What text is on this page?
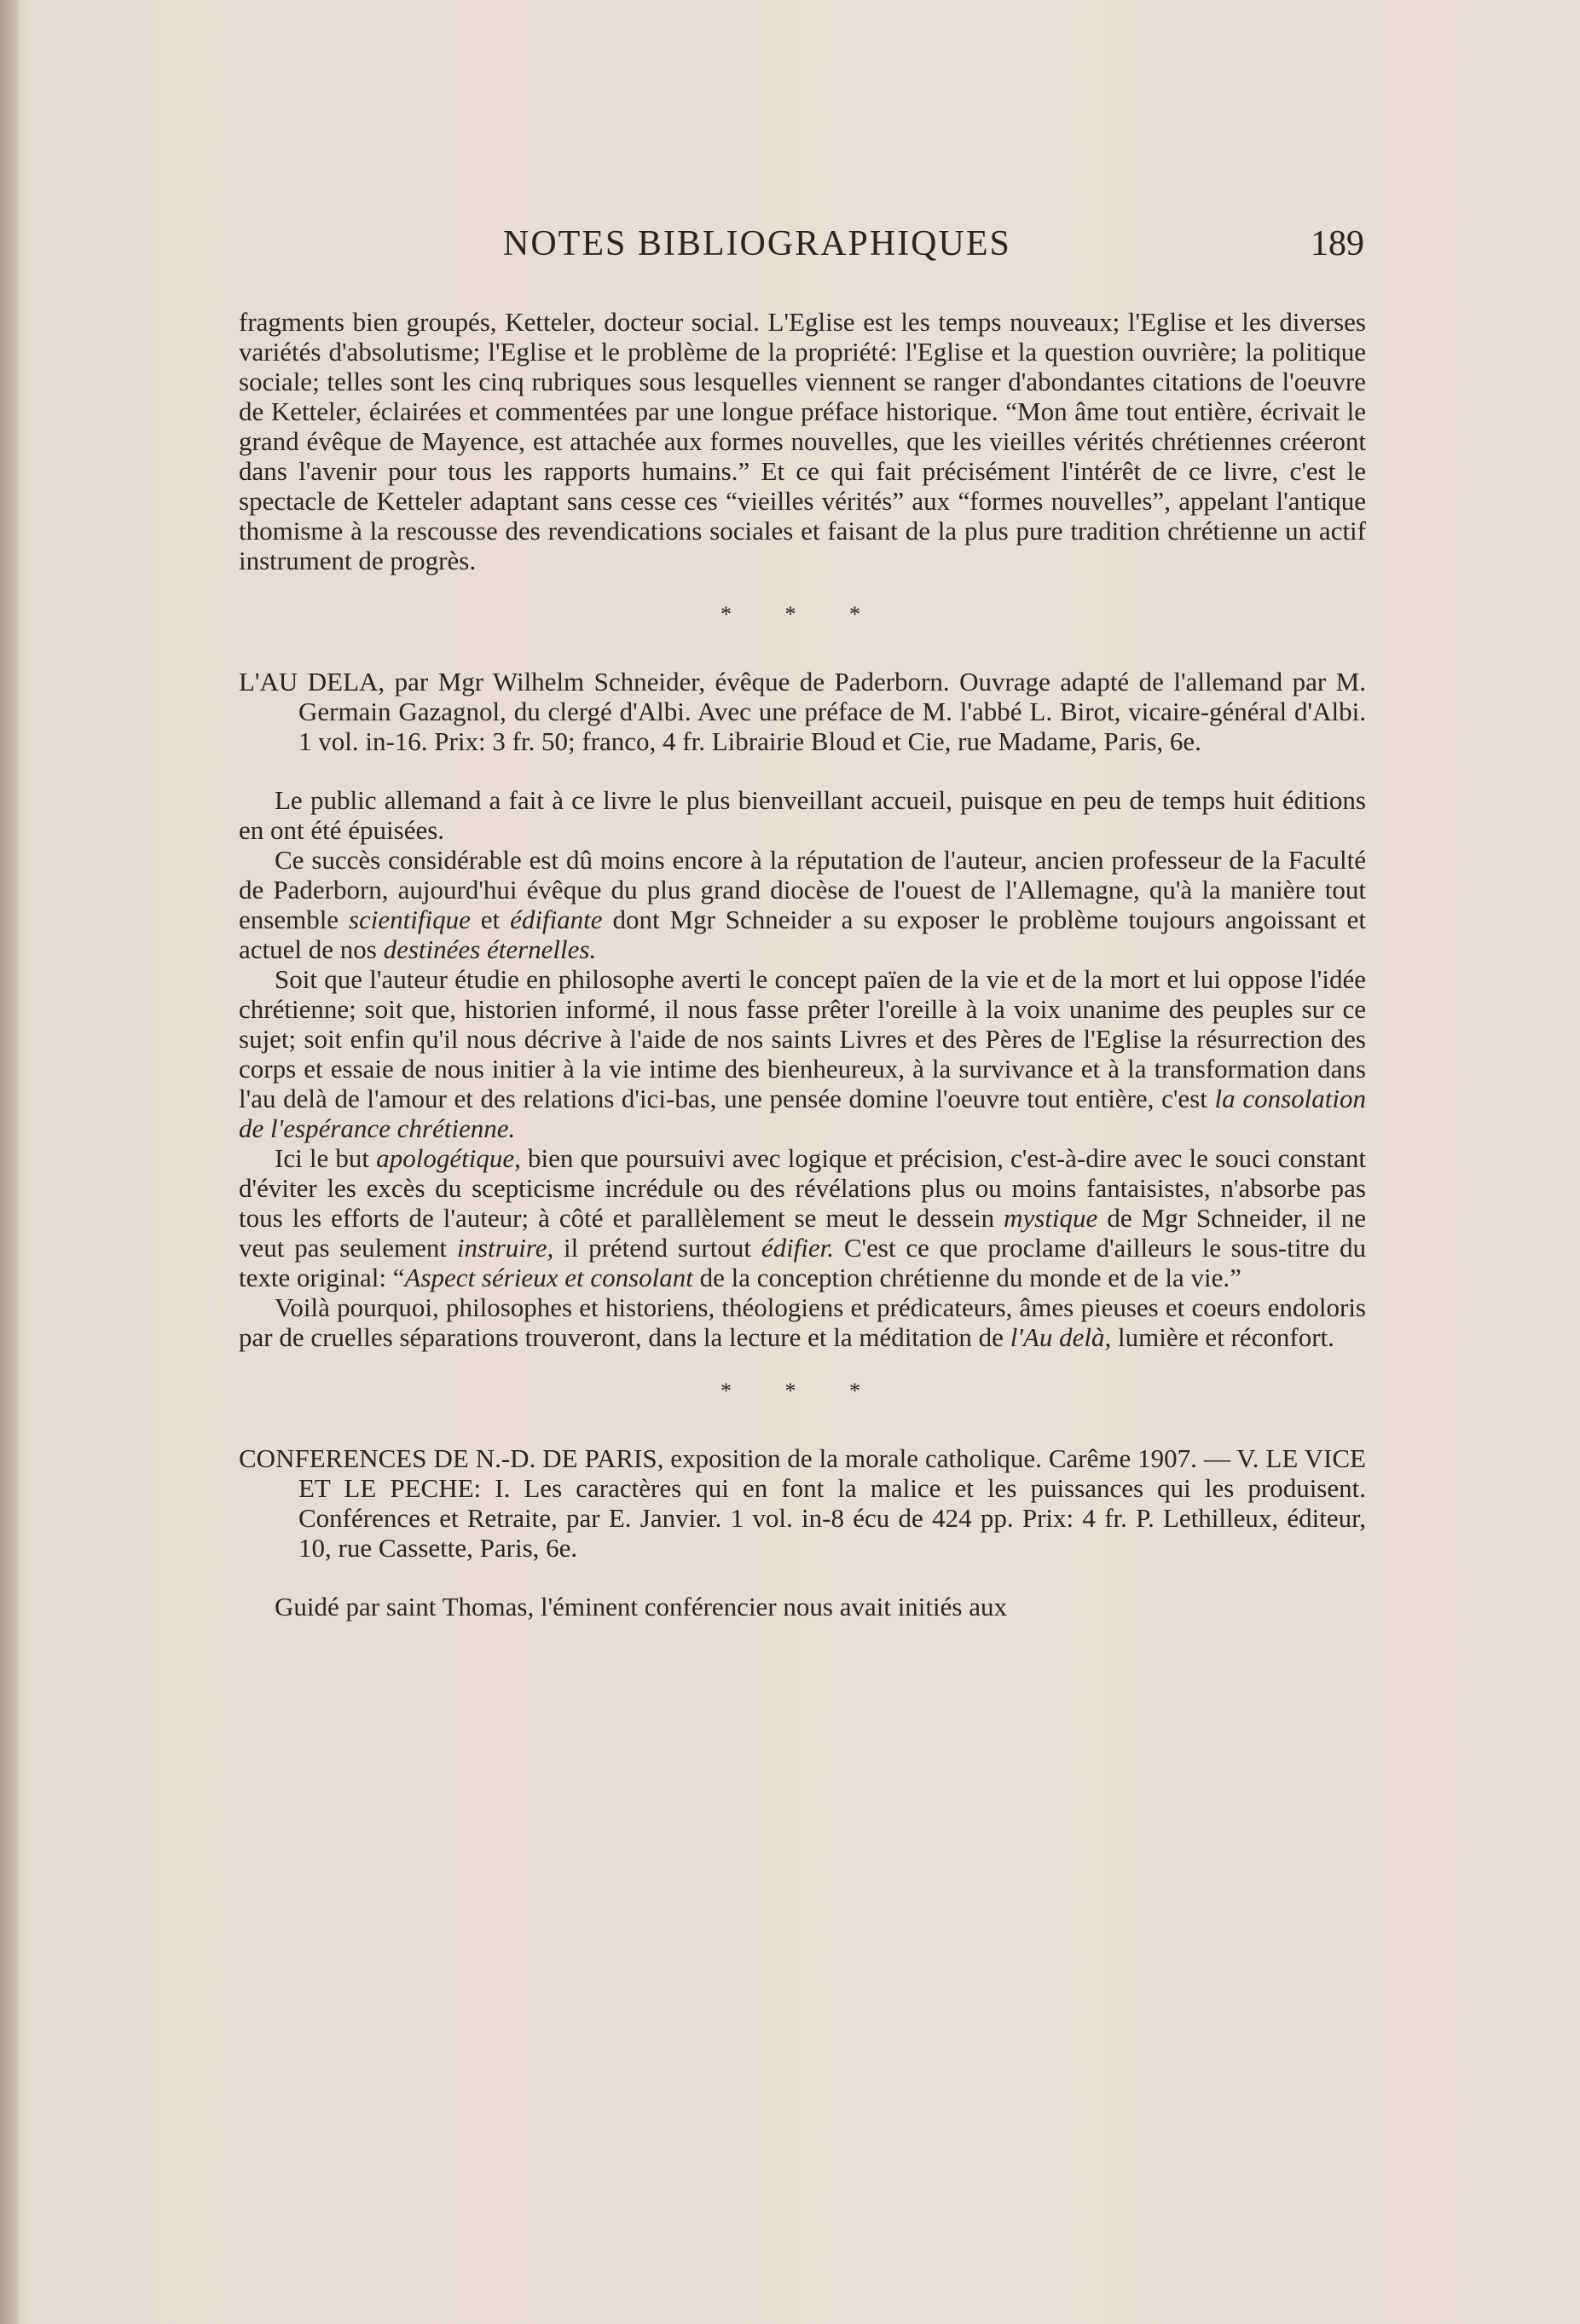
NOTES BIBLIOGRAPHIQUES	189

fragments bien groupés, Ketteler, docteur social. L'Eglise est les temps nouveaux; l'Eglise et les diverses variétés d'absolutisme; l'Eglise et le problème de la propriété: l'Eglise et la question ouvrière; la politique sociale; telles sont les cinq rubriques sous lesquelles viennent se ranger d'abondantes citations de l'oeuvre de Ketteler, éclairées et commentées par une longue préface historique. “Mon âme tout entière, écrivait le grand évêque de Mayence, est attachée aux formes nouvelles, que les vieilles vérités chrétiennes créeront dans l'avenir pour tous les rapports humains.” Et ce qui fait précisément l'intérêt de ce livre, c'est le spectacle de Ketteler adaptant sans cesse ces “vieilles vérités” aux “formes nouvelles”, appelant l'antique thomisme à la rescousse des revendications sociales et faisant de la plus pure tradition chrétienne un actif instrument de progrès.

* * *

L'AU DELA, par Mgr Wilhelm Schneider, évêque de Paderborn. Ouvrage adapté de l'allemand par M. Germain Gazagnol, du clergé d'Albi. Avec une préface de M. l'abbé L. Birot, vicaire-général d'Albi. 1 vol. in-16. Prix: 3 fr. 50; franco, 4 fr. Librairie Bloud et Cie, rue Madame, Paris, 6e.

Le public allemand a fait à ce livre le plus bienveillant accueil, puisque en peu de temps huit éditions en ont été épuisées.

Ce succès considérable est dû moins encore à la réputation de l'auteur, ancien professeur de la Faculté de Paderborn, aujourd'hui évêque du plus grand diocèse de l'ouest de l'Allemagne, qu'à la manière tout ensemble scientifique et édifiante dont Mgr Schneider a su exposer le problème toujours angoissant et actuel de nos destinées éternelles.

Soit que l'auteur étudie en philosophe averti le concept païen de la vie et de la mort et lui oppose l'idée chrétienne; soit que, historien informé, il nous fasse prêter l'oreille à la voix unanime des peuples sur ce sujet; soit enfin qu'il nous décrive à l'aide de nos saints Livres et des Pères de l'Eglise la résurrection des corps et essaie de nous initier à la vie intime des bienheureux, à la survivance et à la transformation dans l'au delà de l'amour et des relations d'ici-bas, une pensée domine l'oeuvre tout entière, c'est la consolation de l'espérance chrétienne.

Ici le but apologétique, bien que poursuivi avec logique et précision, c'est-à-dire avec le souci constant d'éviter les excès du scepticisme incrédule ou des révélations plus ou moins fantaisistes, n'absorbe pas tous les efforts de l'auteur; à côté et parallèlement se meut le dessein mystique de Mgr Schneider, il ne veut pas seulement instruire, il prétend surtout édifier. C'est ce que proclame d'ailleurs le sous-titre du texte original: “Aspect sérieux et consolant de la conception chrétienne du monde et de la vie.”

Voilà pourquoi, philosophes et historiens, théologiens et prédicateurs, âmes pieuses et coeurs endoloris par de cruelles séparations trouveront, dans la lecture et la méditation de l'Au delà, lumière et réconfort.

* * *

CONFERENCES DE N.-D. DE PARIS, exposition de la morale catholique. Carême 1907. — V. LE VICE ET LE PECHE: I. Les caractères qui en font la malice et les puissances qui les produisent. Conférences et Retraite, par E. Janvier. 1 vol. in-8 écu de 424 pp. Prix: 4 fr. P. Lethilleux, éditeur, 10, rue Cassette, Paris, 6e.

Guidé par saint Thomas, l'éminent conférencier nous avait initiés aux
